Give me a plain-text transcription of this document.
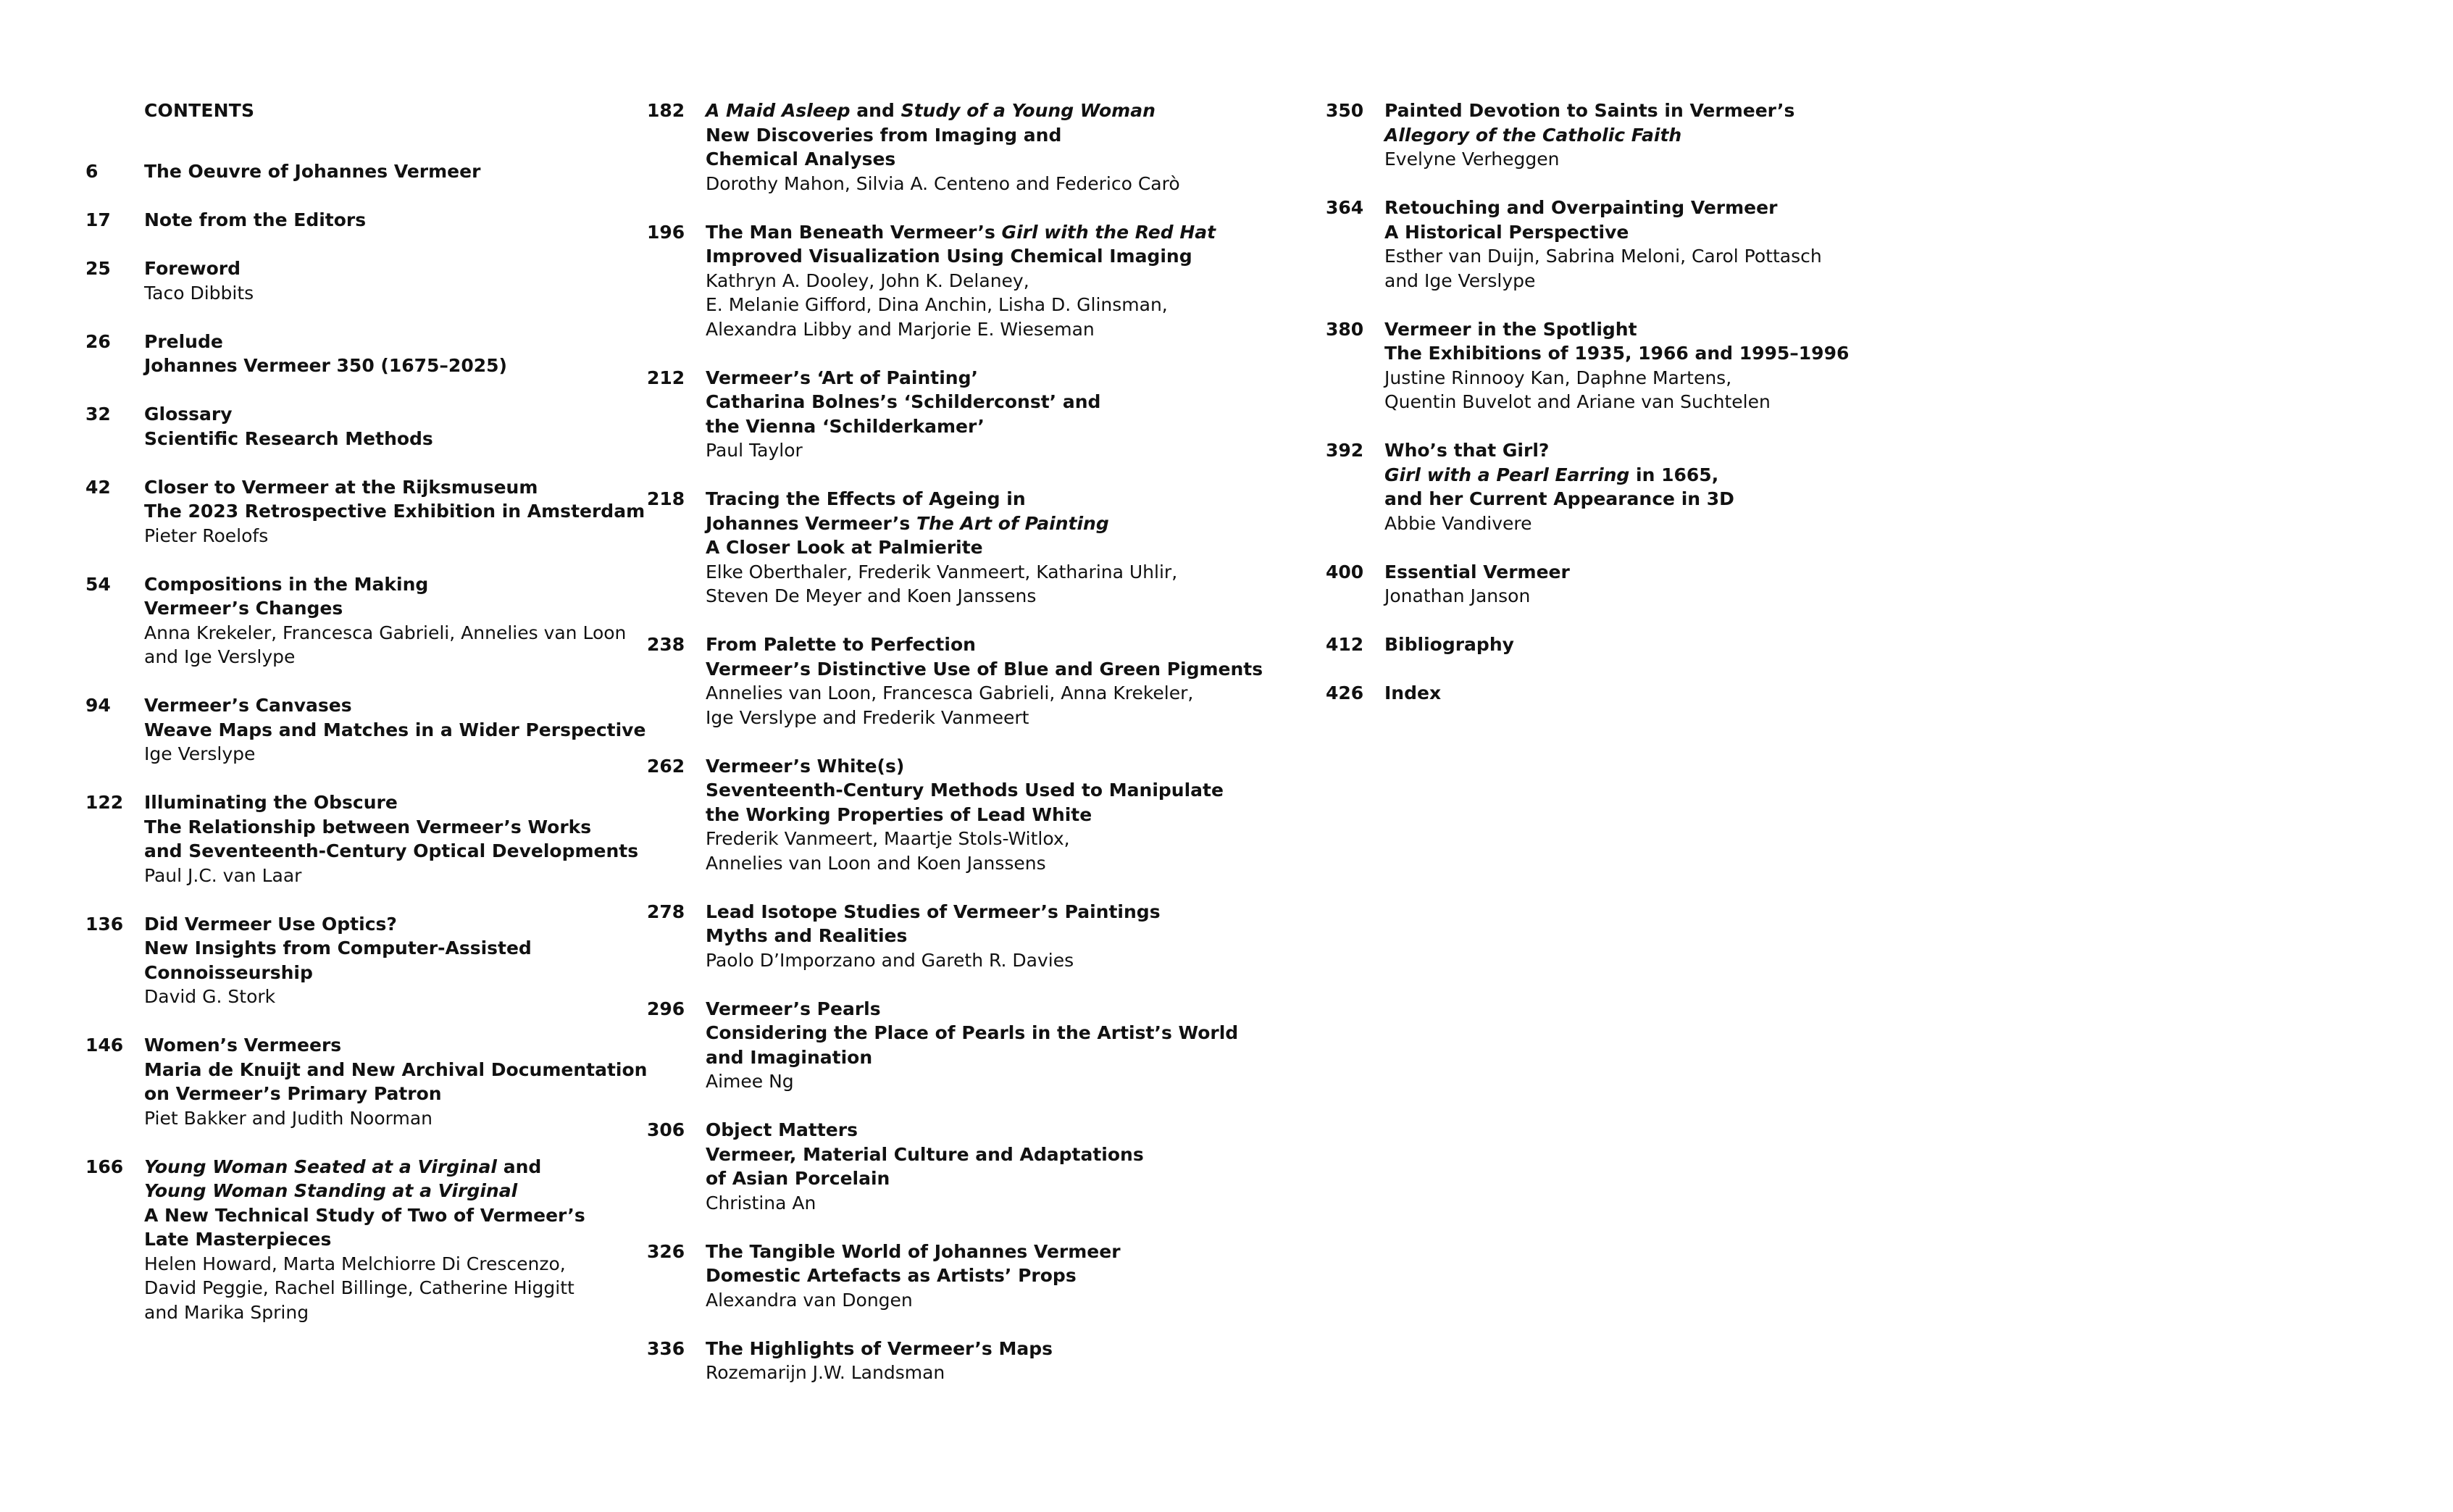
CONTENTS
6	The Oeuvre of Johannes Vermeer
17 Note from the Editors
25 Foreword
Taco Dibbits
26 Prelude
Johannes Vermeer 350 (1675–2025)
32 Glossary
Scientific Research Methods
42 Closer to Vermeer at the Rijksmuseum
The 2023 Retrospective Exhibition in Amsterdam
Pieter Roelofs
54 Compositions in the Making
Vermeer’s Changes
Anna Krekeler, Francesca Gabrieli, Annelies van Loon
and Ige Verslype
94 Vermeer’s Canvases
Weave Maps and Matches in a Wider Perspective
Ige Verslype
122 Illuminating the Obscure
The Relationship between Vermeer’s Works
and Seventeenth-Century Optical Developments
Paul J.C. van Laar
136 Did Vermeer Use Optics?
New Insights from Computer-Assisted
Connoisseurship
David G. Stork
146 Women’s Vermeers
Maria de Knuijt and New Archival Documentation
on Vermeer’s Primary Patron
Piet Bakker and Judith Noorman
166 Young Woman Seated at a Virginal and
Young Woman Standing at a Virginal
A New Technical Study of Two of Vermeer’s
Late Masterpieces
Helen Howard, Marta Melchiorre Di Crescenzo,
David Peggie, Rachel Billinge, Catherine Higgitt
and Marika Spring
182 A Maid Asleep and Study of a Young Woman
New Discoveries from Imaging and
Chemical Analyses
Dorothy Mahon, Silvia A. Centeno and Federico Carò
196 The Man Beneath Vermeer’s Girl with the Red Hat
Improved Visualization Using Chemical Imaging
Kathryn A. Dooley, John K. Delaney,
E. Melanie Gifford, Dina Anchin, Lisha D. Glinsman,
Alexandra Libby and Marjorie E. Wieseman
212 Vermeer’s ‘Art of Painting’
Catharina Bolnes’s ‘Schilderconst’ and
the Vienna ‘Schilderkamer’
Paul Taylor
218 Tracing the Effects of Ageing in
Johannes Vermeer’s The Art of Painting
A Closer Look at Palmierite
Elke Oberthaler, Frederik Vanmeert, Katharina Uhlir,
Steven De Meyer and Koen Janssens
238 From Palette to Perfection
Vermeer’s Distinctive Use of Blue and Green Pigments
Annelies van Loon, Francesca Gabrieli, Anna Krekeler,
Ige Verslype and Frederik Vanmeert
262 Vermeer’s White(s)
Seventeenth-Century Methods Used to Manipulate
the Working Properties of Lead White
Frederik Vanmeert, Maartje Stols-Witlox,
Annelies van Loon and Koen Janssens
278 Lead Isotope Studies of Vermeer’s Paintings
Myths and Realities
Paolo D’Imporzano and Gareth R. Davies
296 Vermeer’s Pearls
Considering the Place of Pearls in the Artist’s World
and Imagination
Aimee Ng
306 Object Matters
Vermeer, Material Culture and Adaptations
of Asian Porcelain
Christina An
326 The Tangible World of Johannes Vermeer
Domestic Artefacts as Artists’ Props
Alexandra van Dongen
336 The Highlights of Vermeer’s Maps
Rozemarijn J.W. Landsman
350 Painted Devotion to Saints in Vermeer’s
Allegory of the Catholic Faith
Evelyne Verheggen
364 Retouching and Overpainting Vermeer
A Historical Perspective
Esther van Duijn, Sabrina Meloni, Carol Pottasch
and Ige Verslype
380 Vermeer in the Spotlight
The Exhibitions of 1935, 1966 and 1995–1996
Justine Rinnooy Kan, Daphne Martens,
Quentin Buvelot and Ariane van Suchtelen
392 Who’s that Girl?
Girl with a Pearl Earring in 1665,
and her Current Appearance in 3D
Abbie Vandivere
400 Essential Vermeer
Jonathan Janson
412 Bibliography
426 Index
